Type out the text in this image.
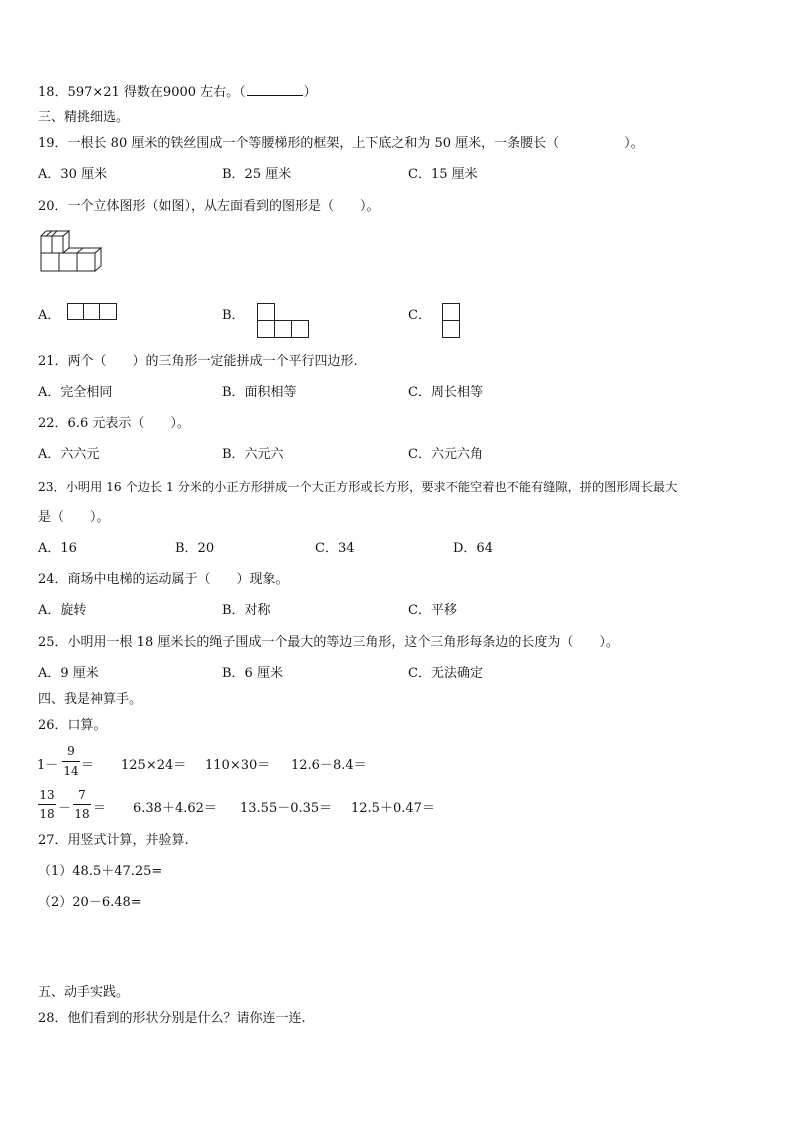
18．597×21 得数在9000 左右。（	）
三、精挑细选。
19．一根长 80 厘米的铁丝围成一个等腰梯形的框架，上下底之和为 50 厘米，一条腰长（　　　　　）。
A．30 厘米	B．25 厘米	C．15 厘米
20．一个立体图形（如图），从左面看到的图形是（　　）。
A．	B．	C．
21．两个（　　）的三角形一定能拼成一个平行四边形.
A．完全相同	B．面积相等	C．周长相等
22．6.6 元表示（　　）。
A．六六元	B．六元六	C．六元六角
23．小明用 16 个边长 1 分米的小正方形拼成一个大正方形或长方形，要求不能空着也不能有缝隙，拼的图形周长最大
是（　　）。
A．16	B．20	C．34	D．64
24．商场中电梯的运动属于（　　）现象。
A．旋转	B．对称	C．平移
25．小明用一根 18 厘米长的绳子围成一个最大的等边三角形，这个三角形每条边的长度为（　　）。
A．9 厘米	B．6 厘米	C．无法确定
四、我是神算手。
26．口算。
1－
9
14 ＝ 125×24＝ 110×30＝ 12.6－8.4＝
13
18 －
7
18 ＝ 6.38＋4.62＝ 13.55－0.35＝ 12.5＋0.47＝
27．用竖式计算，并验算.
（1）48.5＋47.25=
（2）20－6.48=
五、动手实践。
28．他们看到的形状分别是什么？请你连一连.
